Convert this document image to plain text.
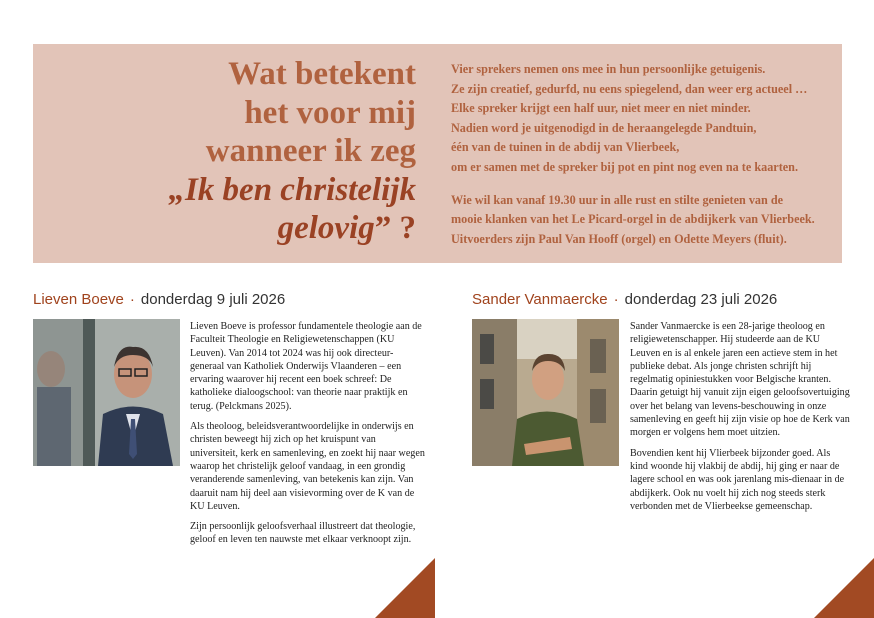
Wat betekent
het voor mij
wanneer ik zeg
„Ik ben christelijk
gelovig” ?
Vier sprekers nemen ons mee in hun persoonlijke getuigenis.
Ze zijn creatief, gedurfd, nu eens spiegelend, dan weer erg actueel …
Elke spreker krijgt een half uur, niet meer en niet minder.
Nadien word je uitgenodigd in de heraangelegde Pandtuin,
één van de tuinen in de abdij van Vlierbeek,
om er samen met de spreker bij pot en pint nog even na te kaarten.
Wie wil kan vanaf 19.30 uur in alle rust en stilte genieten van de
mooie klanken van het Le Picard-orgel in de abdijkerk van Vlierbeek.
Uitvoerders zijn Paul Van Hooff (orgel) en Odette Meyers (fluit).
Lieven Boeve · donderdag 9 juli 2026

Lieven Boeve is professor fundamentele theologie aan de Faculteit Theologie en Religiewetenschappen (KU Leuven). Van 2014 tot 2024 was hij ook directeur-generaal van Katholiek Onderwijs Vlaanderen – een ervaring waarover hij recent een boek schreef: De katholieke dialoogschool: van theorie naar praktijk en terug. (Pelckmans 2025).

Als theoloog, beleidsverantwoordelijke in onderwijs en christen beweegt hij zich op het kruispunt van universiteit, kerk en samenleving, en zoekt hij naar wegen waarop het christelijk geloof vandaag, in een grondig veranderende samenleving, van betekenis kan zijn. Van daaruit nam hij deel aan visievorming over de K van de KU Leuven.

Zijn persoonlijk geloofsverhaal illustreert dat theologie, geloof en leven ten nauwste met elkaar verknoopt zijn.

Sander Vanmaercke · donderdag 23 juli 2026

Sander Vanmaercke is een 28-jarige theoloog en religiewetenschapper. Hij studeerde aan de KU Leuven en is al enkele jaren een actieve stem in het publieke debat. Als jonge christen schrijft hij regelmatig opiniestukken voor Belgische kranten. Daarin getuigt hij vanuit zijn eigen geloofsovertuiging over het belang van levens-beschouwing in onze samenleving en geeft hij zijn visie op hoe de Kerk van morgen er volgens hem moet uitzien.

Bovendien kent hij Vlierbeek bijzonder goed. Als kind woonde hij vlakbij de abdij, hij ging er naar de lagere school en was ook jarenlang mis-dienaar in de abdijkerk. Ook nu voelt hij zich nog steeds sterk verbonden met de Vlierbeekse gemeenschap.
